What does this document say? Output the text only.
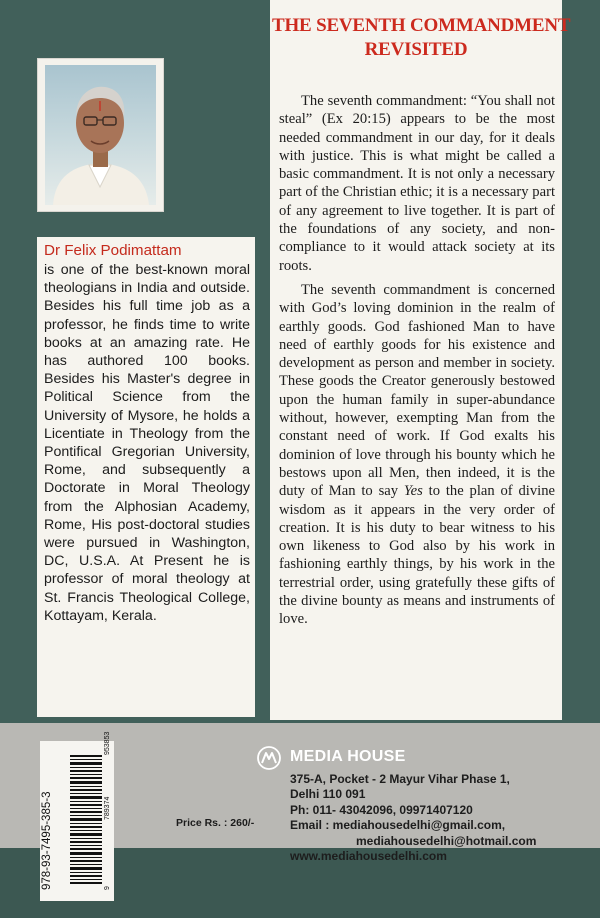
THE SEVENTH COMMANDMENT
REVISITED

The seventh commandment: “You shall not steal” (Ex 20:15) appears to be the most needed commandment in our day, for it deals with justice. This is what might be called a basic commandment. It is not only a necessary part of the Christian ethic; it is a necessary part of any agreement to live together. It is part of the foundations of any society, and non-compliance to it would attack society at its roots.

The seventh commandment is concerned with God’s loving dominion in the realm of earthly goods. God fashioned Man to have need of earthly goods for his existence and development as person and member in society. These goods the Creator generously bestowed upon the human family in super-abundance without, however, exempting Man from the constant need of work. If God exalts his dominion of love through his bounty which he bestows upon all Men, then indeed, it is the duty of Man to say Yes to the plan of divine wisdom as it appears in the very order of creation. It is his duty to bear witness to his own likeness to God also by his work in fashioning earthly things, by his work in the terrestrial order, using gratefully these gifts of the divine bounty as means and instruments of love.

Dr Felix Podimattam
is one of the best-known moral theologians in India and outside. Besides his full time job as a professor, he finds time to write books at an amazing rate. He has authored 100 books. Besides his Master's degree in Political Science from the University of Mysore, he holds a Licentiate in Theology from the Pontifical Gregorian University, Rome, and subsequently a Doctorate in Moral Theology from the Alphosian Academy, Rome, His post-doctoral studies were pursued in Washington, DC, U.S.A. At Present he is professor of moral theology at St. Francis Theological College, Kottayam, Kerala.
978-93-7495-385-3	9
789374
953853
Price Rs. : 260/-
MEDIA HOUSE
375-A, Pocket - 2 Mayur Vihar Phase 1,
Delhi 110 091
Ph: 011- 43042096, 09971407120
Email : mediahousedelhi@gmail.com,
mediahousedelhi@hotmail.com
www.mediahousedelhi.com
